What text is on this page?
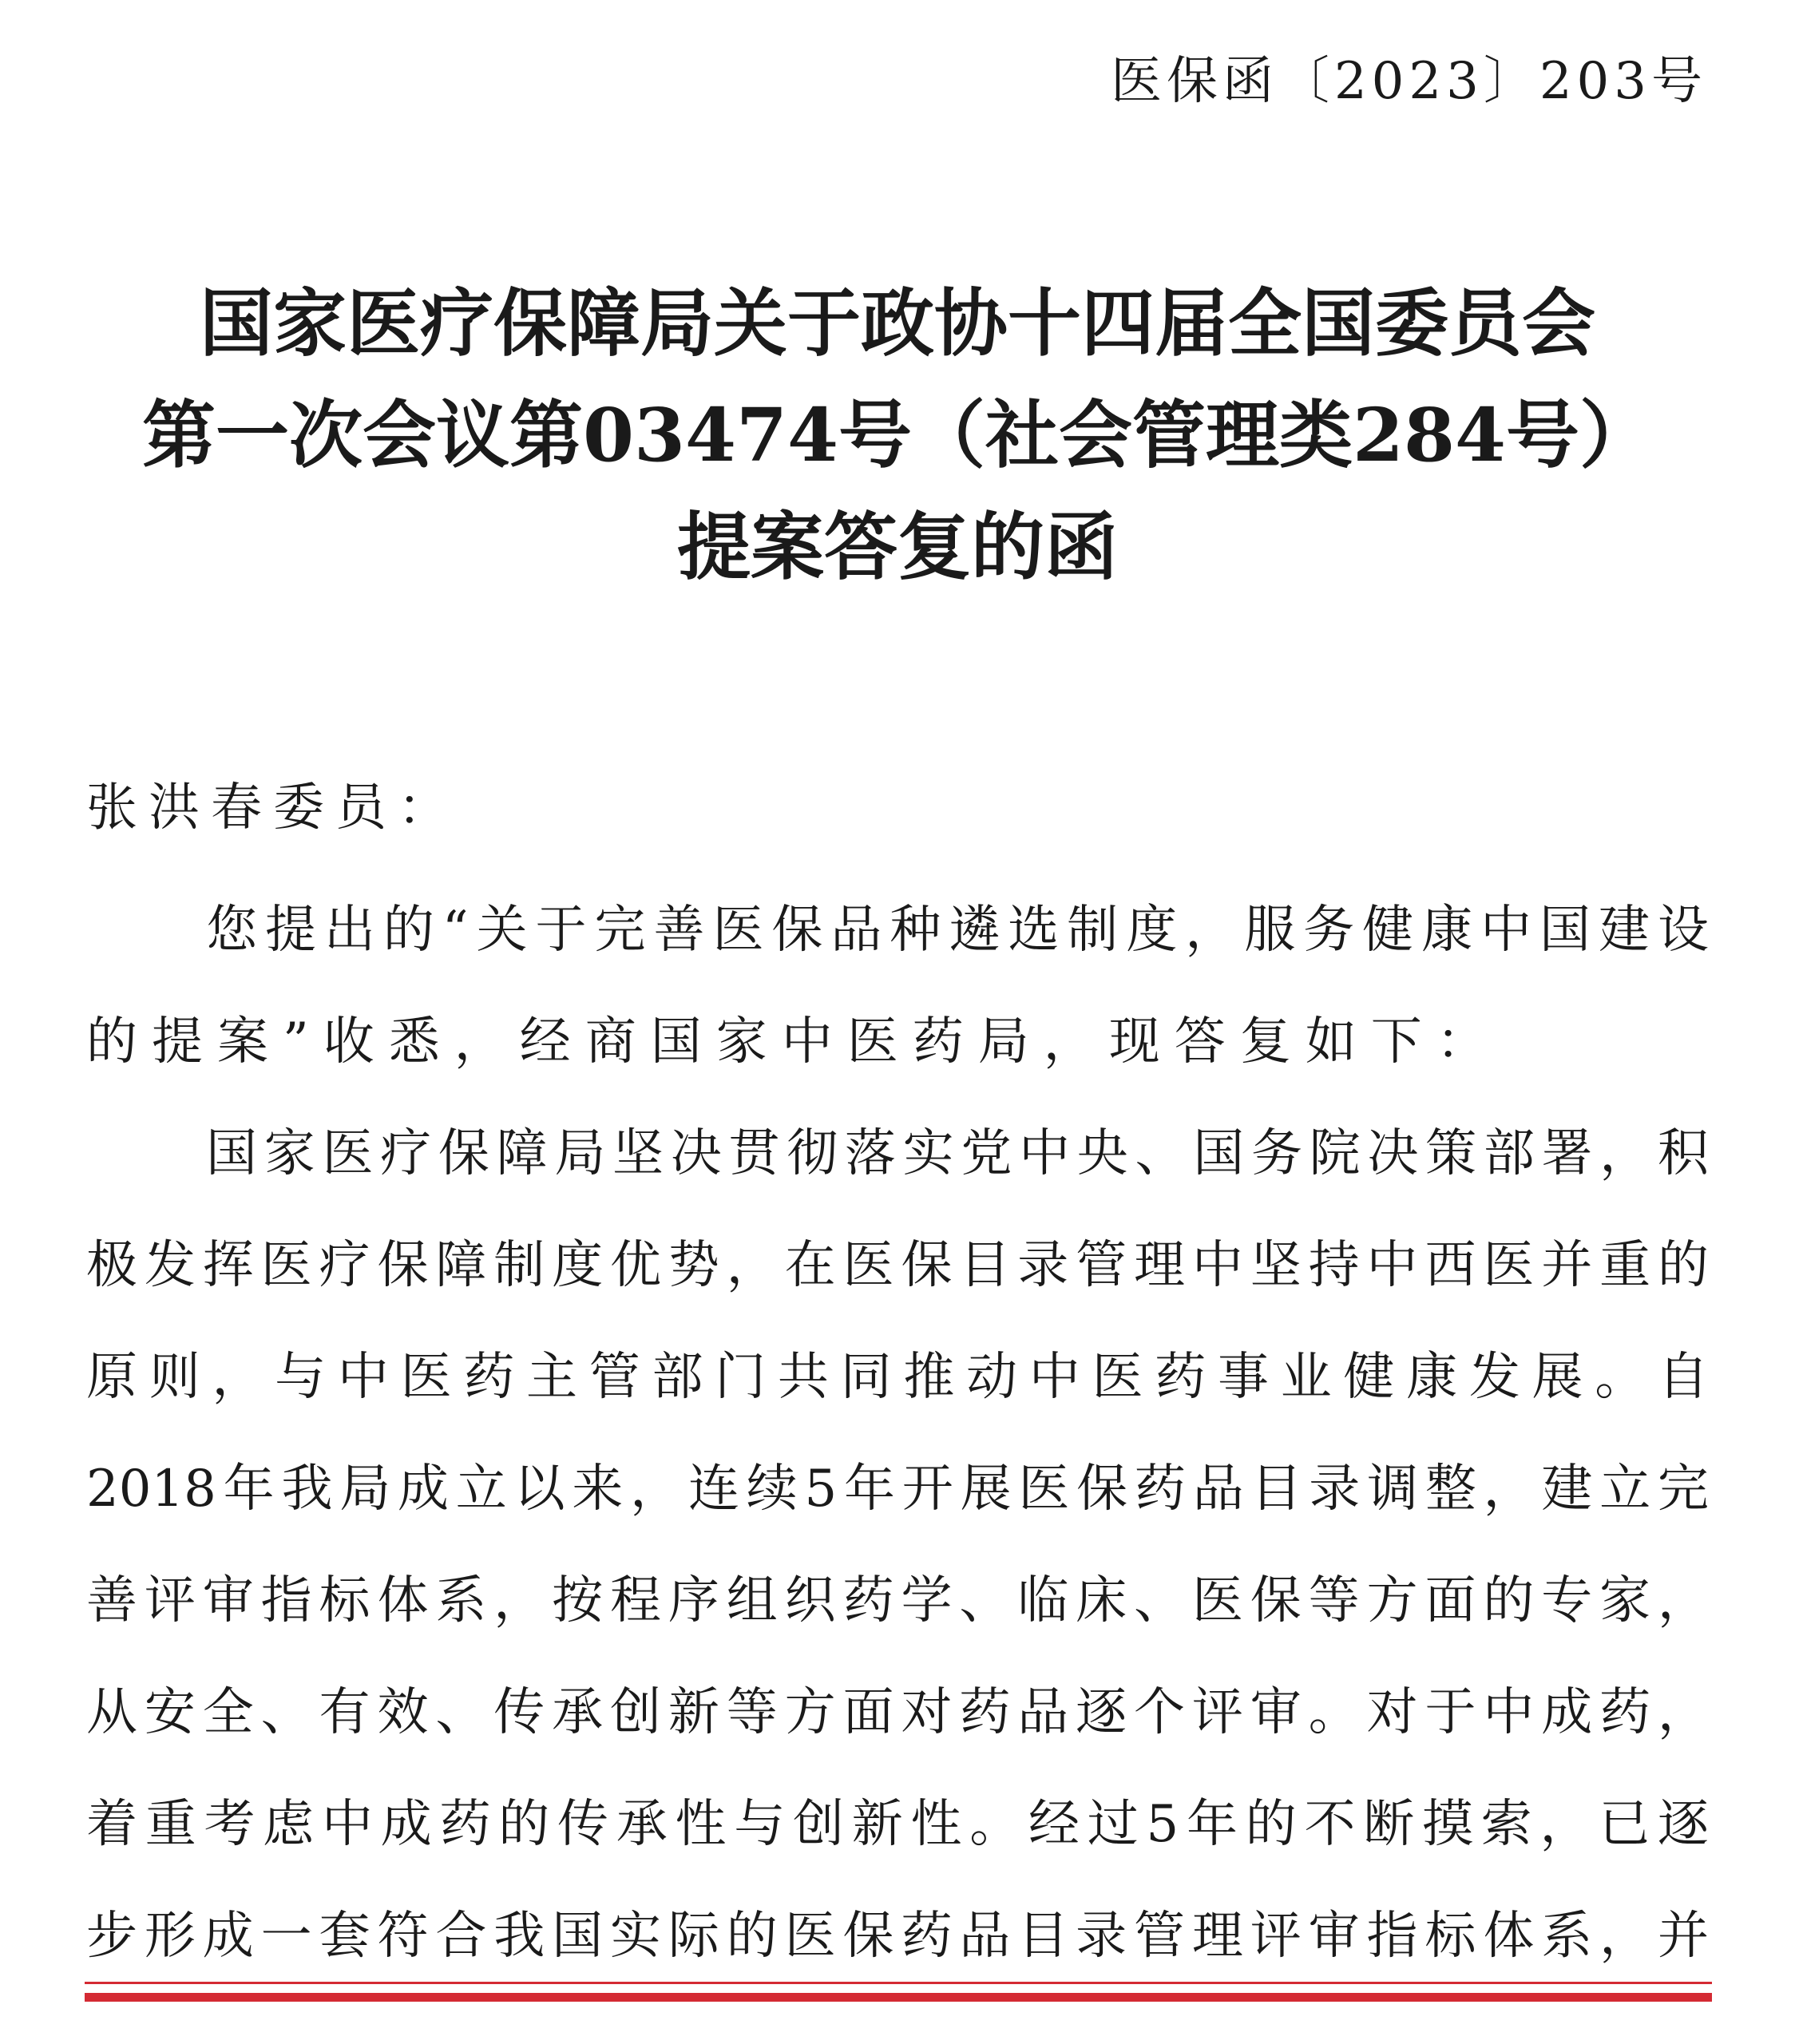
医保函〔2023〕203号
国家医疗保障局关于政协十四届全国委员会
第一次会议第03474号（社会管理类284号）
提案答复的函
张洪春委员：
您提出的“关于完善医保品种遴选制度，服务健康中国建设
的提案”收悉，经商国家中医药局，现答复如下：
国家医疗保障局坚决贯彻落实党中央、国务院决策部署，积
极发挥医疗保障制度优势，在医保目录管理中坚持中西医并重的
原则，与中医药主管部门共同推动中医药事业健康发展。自
2018年我局成立以来，连续5年开展医保药品目录调整，建立完
善评审指标体系，按程序组织药学、临床、医保等方面的专家，
从安全、有效、传承创新等方面对药品逐个评审。对于中成药，
着重考虑中成药的传承性与创新性。经过5年的不断摸索，已逐
步形成一套符合我国实际的医保药品目录管理评审指标体系，并
